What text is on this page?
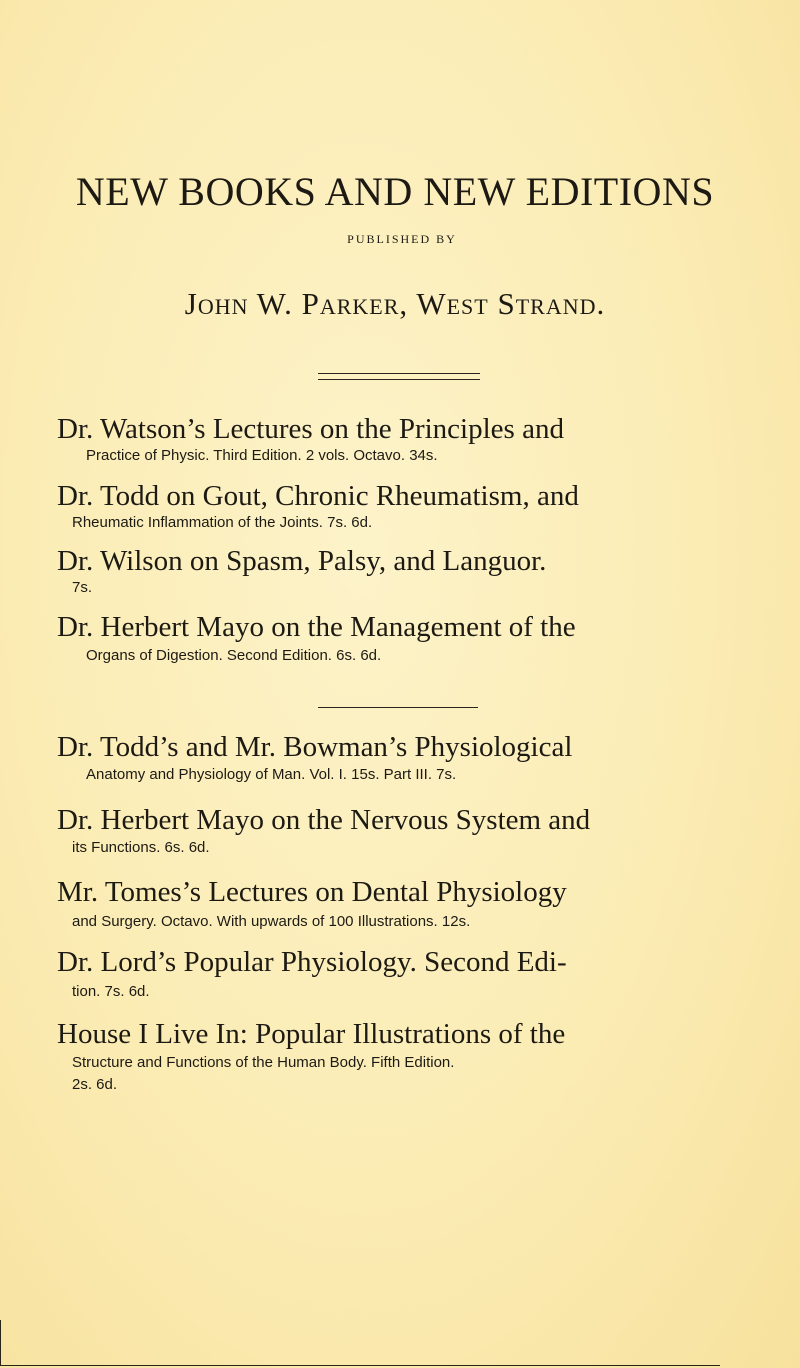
NEW BOOKS AND NEW EDITIONS
PUBLISHED BY
John W. Parker, West Strand.
Dr. Watson’s Lectures on the Principles and
Practice of Physic. Third Edition. 2 vols. Octavo. 34s.
Dr. Todd on Gout, Chronic Rheumatism, and
Rheumatic Inflammation of the Joints. 7s. 6d.
Dr. Wilson on Spasm, Palsy, and Languor.
7s.
Dr. Herbert Mayo on the Management of the
Organs of Digestion. Second Edition. 6s. 6d.
Dr. Todd’s and Mr. Bowman’s Physiological
Anatomy and Physiology of Man. Vol. I. 15s. Part III. 7s.
Dr. Herbert Mayo on the Nervous System and
its Functions. 6s. 6d.
Mr. Tomes’s Lectures on Dental Physiology
and Surgery. Octavo. With upwards of 100 Illustrations. 12s.
Dr. Lord’s Popular Physiology. Second Edi-
tion. 7s. 6d.
House I Live In: Popular Illustrations of the
Structure and Functions of the Human Body. Fifth Edition.
2s. 6d.
